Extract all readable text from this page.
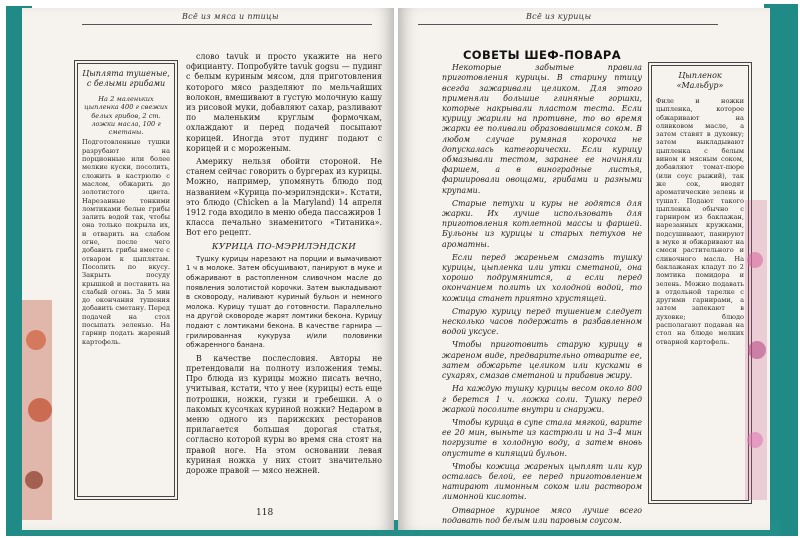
Всё из мяса и птицы
Цыплята тушеные, с белыми грибами

На 2 маленьких цыпленка 400 г свежих белых грибов, 2 ст. ложки масла, 100 г сметаны.

Подготовленные тушки разрубают на порционные или более мелкие куски, посолить, сложить в кастрюлю с маслом, обжарить до золотистого цвета. Нарезанные тонкими ломтиками белые грибы залить водой так, чтобы она только покрыла их, и отварить на слабом огне, после чего добавить грибы вместе с отваром к цыплятам. Посолить по вкусу. Закрыть посуду крышкой и поставить на слабый огонь. За 5 мин до окончания тушения добавить сметану. Перед подачей на стол посыпать зеленью. На гарнир подать жареный картофель.

слово tavuk и просто укажите на него официанту. Попробуйте tavuk gogsu — пудинг с белым куриным мясом, для приготовления которого мясо разделяют по мельчайших волокон, вмешивают в густую молочную кашу из рисовой муки, добавляют сахар, разливают по маленьким круглым формочкам, охлаждают и перед подачей посыпают корицей. Иногда этот пудинг подают с корицей и с мороженым.

Америку нельзя обойти стороной. Не станем сейчас говорить о бургерах из курицы. Можно, например, упомянуть блюдо под названием «Курица по-мэрилэндски». Кстати, это блюдо (Chicken a la Maryland) 14 апреля 1912 года входило в меню обеда пассажиров 1 класса печально знаменитого «Титаника». Вот его рецепт.

КУРИЦА ПО-МЭРИЛЭНДСКИ

Тушку курицы нарезают на порции и вымачивают 1 ч в молоке. Затем обсушивают, панируют в муке и обжаривают в растопленном сливочном масле до появления золотистой корочки. Затем выкладывают в сковороду, наливают куриный бульон и немного молока. Курицу тушат до готовности. Параллельно на другой сковороде жарят ломтики бекона. Курицу подают с ломтиками бекона. В качестве гарнира — грилированная кукуруза и/или половинки обжаренного банана.

В качестве послесловия. Авторы не претендовали на полноту изложения темы. Про блюда из курицы можно писать вечно, учитывая, кстати, что у нее (курицы) есть еще потрошки, ножки, гузки и гребешки. А о лакомых кусочках куриной ножки? Недаром в меню одного из парижских ресторанов прилагается большая дорогая статья, согласно которой куры во время сна стоят на правой ноге. На этом основании левая куриная ножка у них стоит значительно дороже правой — мясо нежней.

118
Всё из курицы

СОВЕТЫ ШЕФ-ПОВАРА

Некоторые забытые правила приготовления курицы. В старину птицу всегда зажаривали целиком. Для этого применяли большие глиняные горшки, которые накрывали пластом теста. Если курицу жарили на противне, то во время жарки ее поливали образовавшимся соком. В любом случае румяная корочка не допускалась категорически. Если курицу обмазывали тестом, заранее ее начиняли фаршем, а в виноградные листья, фаршировали овощами, грибами и разными крупами.

Старые петухи и куры не годятся для жарки. Их лучше использовать для приготовления котлетной массы и фаршей. Бульоны из курицы и старых петухов не ароматны.

Если перед жареньем смазать тушку курицы, цыпленка или утки сметаной, она хорошо подрумянится, а если перед окончанием полить их холодной водой, то кожица станет приятно хрустящей.

Старую курицу перед тушением следует несколько часов подержать в разбавленном водой уксусе.

Чтобы приготовить старую курицу в жареном виде, предварительно отварите ее, затем обжарьте целиком или кусками в сухарях, смазав сметаной и прибавив жиру.

На каждую тушку курицы весом около 800 г берется 1 ч. ложка соли. Тушку перед жаркой посолите внутри и снаружи.

Чтобы курица в супе стала мягкой, варите ее 20 мин, выньте из кастрюли и на 3–4 мин погрузите в холодную воду, а затем вновь опустите в кипящий бульон.

Чтобы кожица жареных цыплят или кур осталась белой, ее перед приготовлением натирают лимонным соком или раствором лимонной кислоты.

Отварное куриное мясо лучше всего подавать под белым или паровым соусом.

Цыпленок «Мальбур»

Филе и ножки цыпленка, которое обжаривают на оливковом масле, а затем ставят в духовку; затем выкладывают цыпленка с белым вином и мясным соком, добавляют томат-пюре (или соус рыжий), так же сок, вводят ароматические зелень и тушат. Подают такого цыпленка обычно с гарниром из баклажан, нарезанных кружками, подсушивают, панируют в муке и обжаривают на смеси растительного и сливочного масла. На баклажанах кладут по 2 ломтика помидора и зелень. Можно подавать в отдельной тарелке с другими гарнирами, а затем запекают в духовке; блюдо располагают подавая на стол на блюде мелких отварной картофель.
